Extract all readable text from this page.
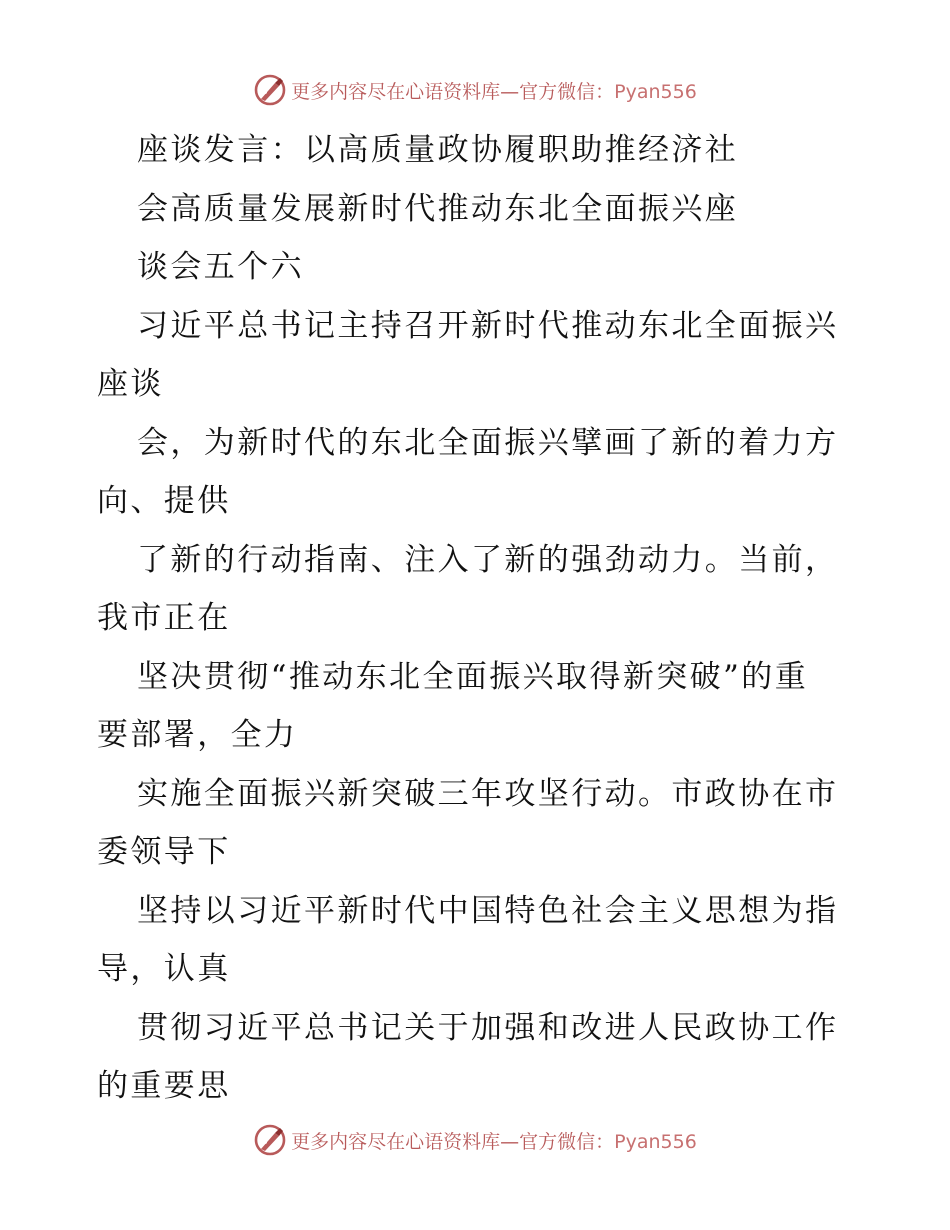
更多内容尽在心语资料库—官方微信：Pyan556
座谈发言：以高质量政协履职助推经济社
会高质量发展新时代推动东北全面振兴座
谈会五个六
习近平总书记主持召开新时代推动东北全面振兴
座谈
会，为新时代的东北全面振兴擘画了新的着力方
向、提供
了新的行动指南、注入了新的强劲动力。当前，
我市正在
坚决贯彻“推动东北全面振兴取得新突破”的重
要部署，全力
实施全面振兴新突破三年攻坚行动。市政协在市
委领导下
坚持以习近平新时代中国特色社会主义思想为指
导，认真
贯彻习近平总书记关于加强和改进人民政协工作
的重要思
更多内容尽在心语资料库—官方微信：Pyan556
